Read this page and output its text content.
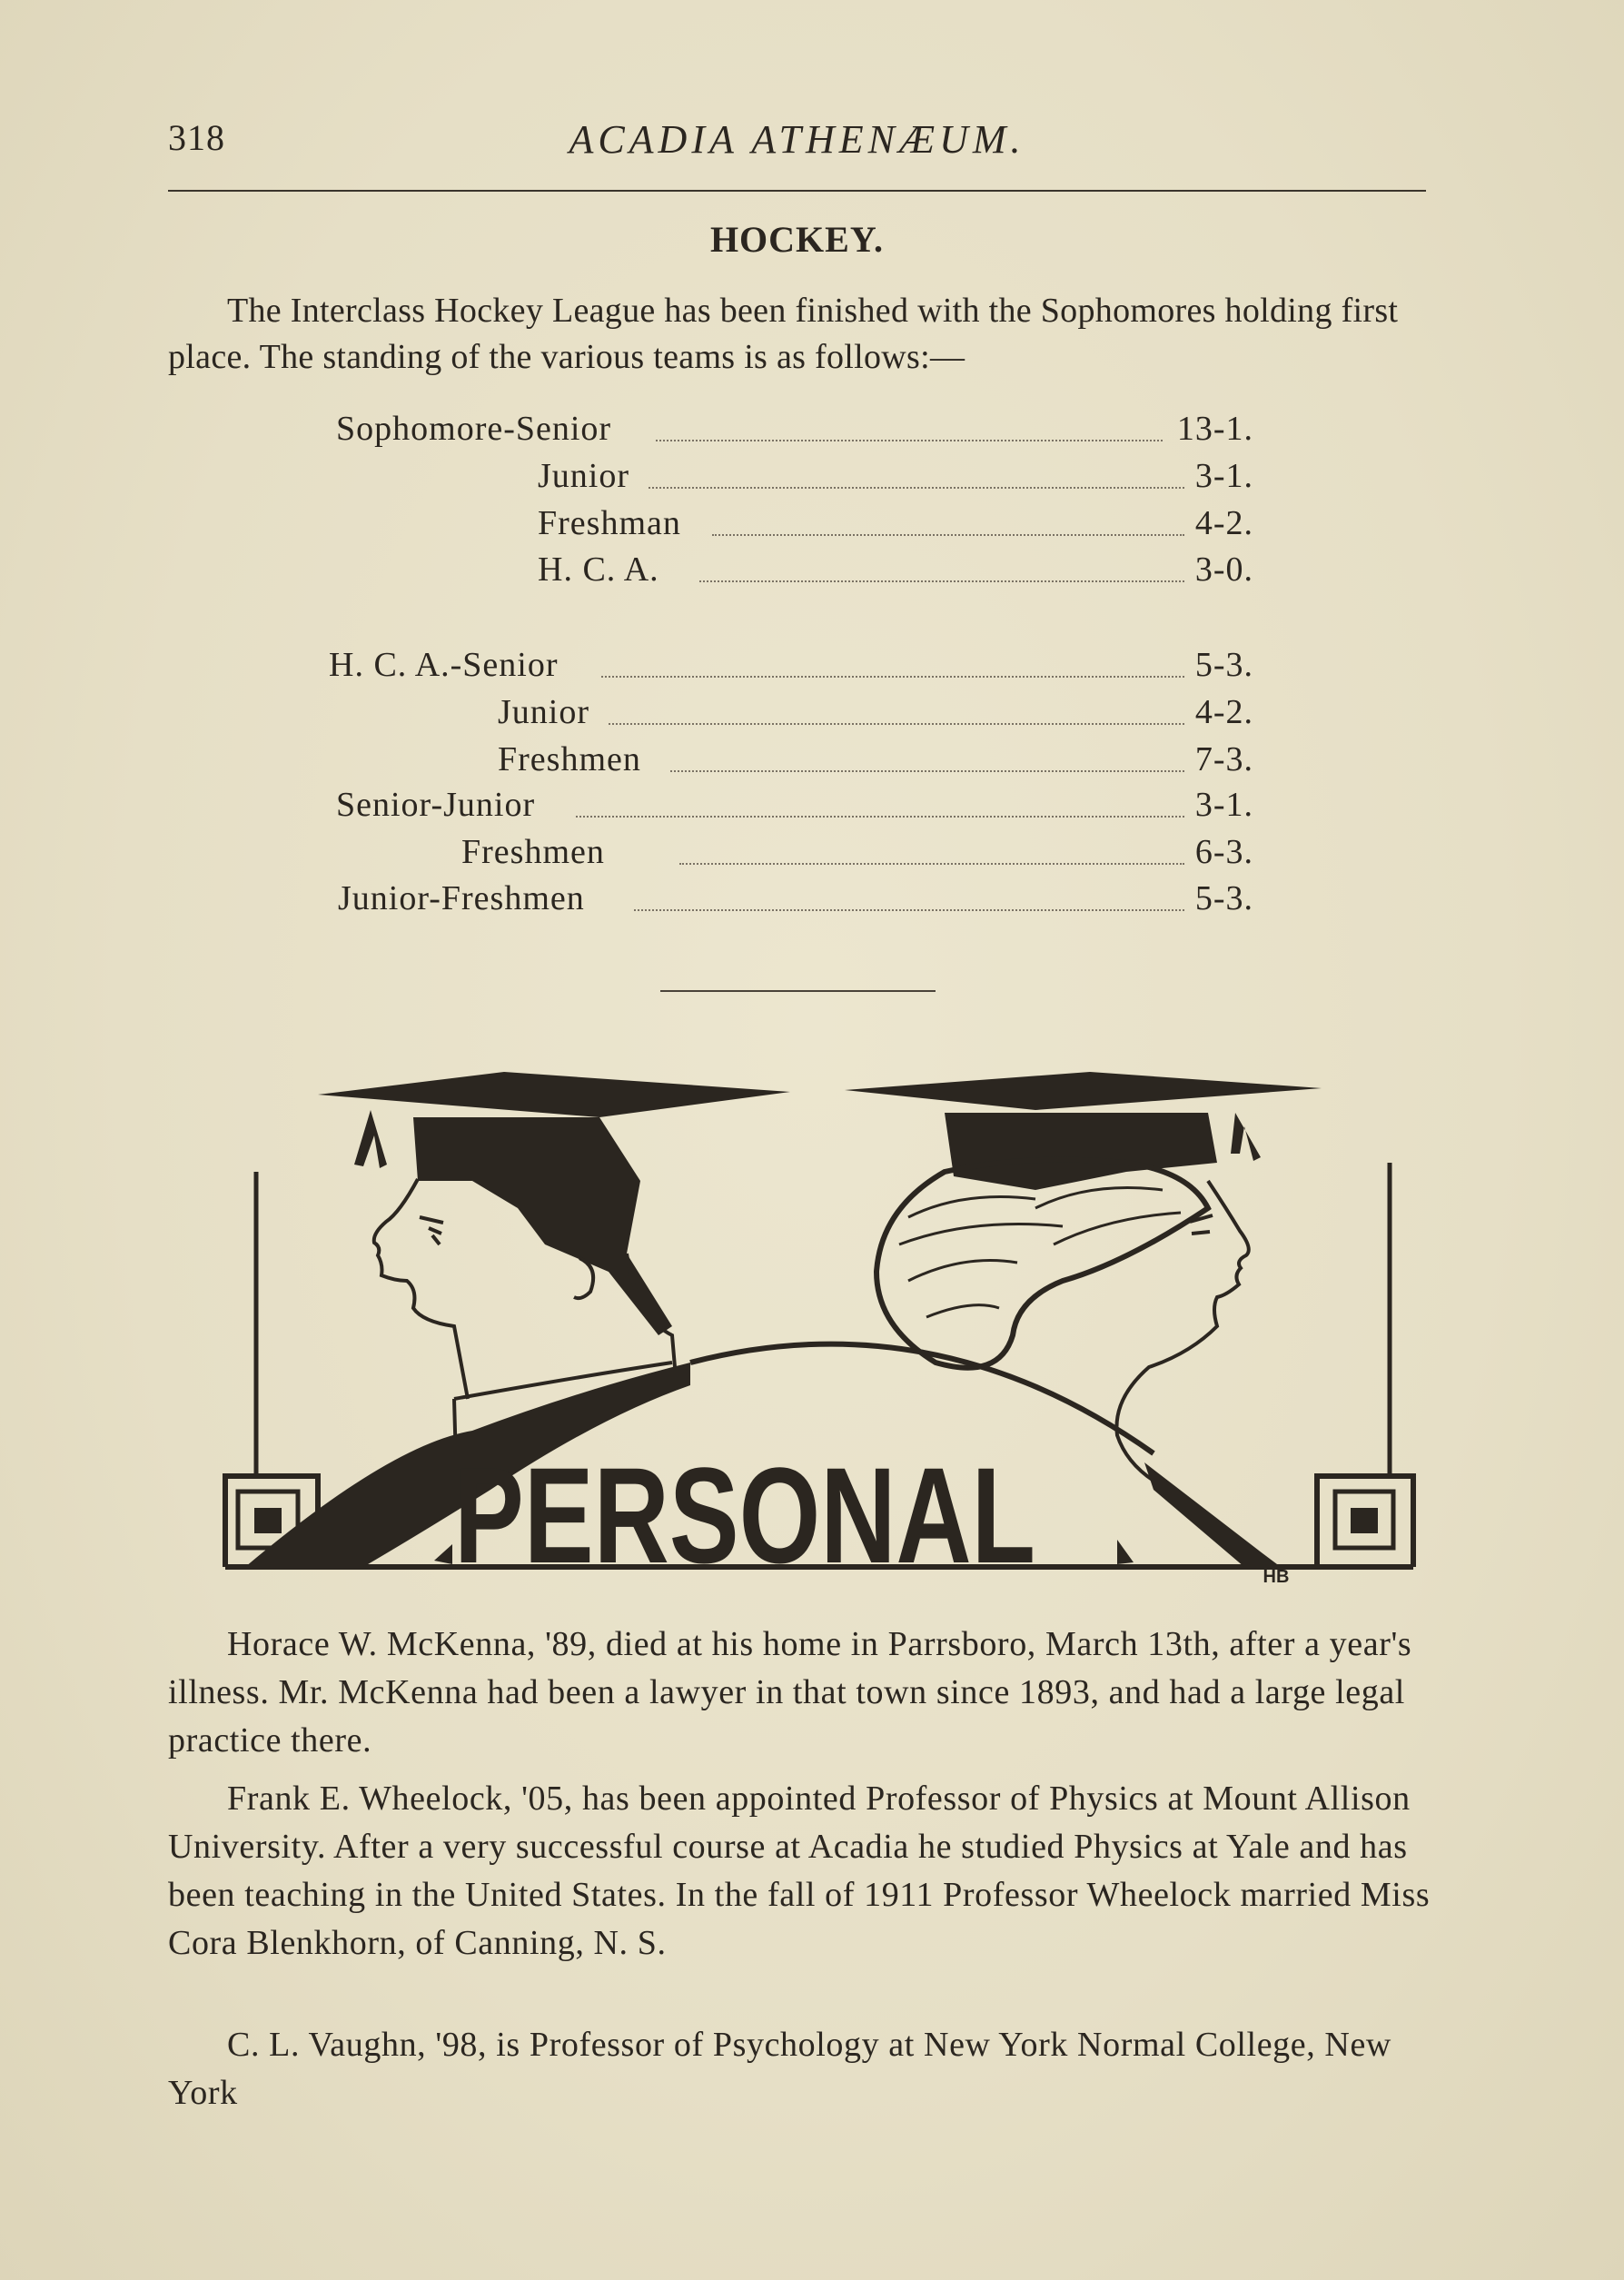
318	ACADIA ATHENÆUM.
HOCKEY.

The Interclass Hockey League has been finished with the Sophomores holding first place. The standing of the various teams is as follows:—

Sophomore-Senior	13-1.
Junior	3-1.
Freshman	4-2.
H. C. A.	3-0.
H. C. A.-Senior	5-3.
Junior	4-2.
Freshmen	7-3.
Senior-Junior	3-1.
Freshmen	6-3.
Junior-Freshmen	5-3.
PERSONAL	HB

Horace W. McKenna, '89, died at his home in Parrsboro, March 13th, after a year's illness. Mr. McKenna had been a lawyer in that town since 1893, and had a large legal practice there.

Frank E. Wheelock, '05, has been appointed Professor of Physics at Mount Allison University. After a very successful course at Acadia he studied Physics at Yale and has been teaching in the United States. In the fall of 1911 Professor Wheelock married Miss Cora Blenkhorn, of Canning, N. S.

C. L. Vaughn, '98, is Professor of Psychology at New York Normal College, New York
